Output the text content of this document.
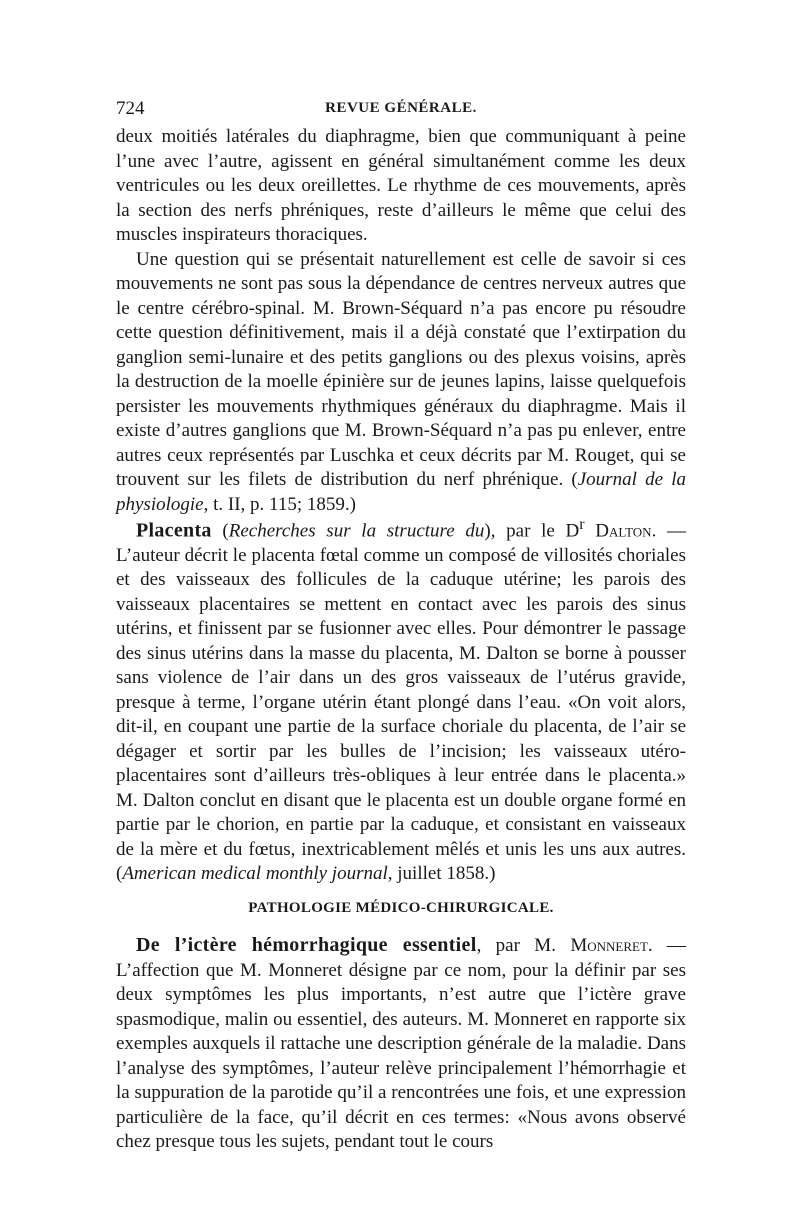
724	REVUE GÉNÉRALE.

deux moitiés latérales du diaphragme, bien que communiquant à peine l’une avec l’autre, agissent en général simultanément comme les deux ventricules ou les deux oreillettes. Le rhythme de ces mouvements, après la section des nerfs phréniques, reste d’ailleurs le même que celui des muscles inspirateurs thoraciques.

Une question qui se présentait naturellement est celle de savoir si ces mouvements ne sont pas sous la dépendance de centres nerveux autres que le centre cérébro-spinal. M. Brown-Séquard n’a pas encore pu résoudre cette question définitivement, mais il a déjà constaté que l’extirpation du ganglion semi-lunaire et des petits ganglions ou des plexus voisins, après la destruction de la moelle épinière sur de jeunes lapins, laisse quelquefois persister les mouvements rhythmiques généraux du diaphragme. Mais il existe d’autres ganglions que M. Brown-Séquard n’a pas pu enlever, entre autres ceux représentés par Luschka et ceux décrits par M. Rouget, qui se trouvent sur les filets de distribution du nerf phrénique. (Journal de la physiologie, t. II, p. 115; 1859.)

Placenta (Recherches sur la structure du), par le $D^r$ Dalton. — L’auteur décrit le placenta fœtal comme un composé de villosités choriales et des vaisseaux des follicules de la caduque utérine; les parois des vaisseaux placentaires se mettent en contact avec les parois des sinus utérins, et finissent par se fusionner avec elles. Pour démontrer le passage des sinus utérins dans la masse du placenta, M. Dalton se borne à pousser sans violence de l’air dans un des gros vaisseaux de l’utérus gravide, presque à terme, l’organe utérin étant plongé dans l’eau. «On voit alors, dit-il, en coupant une partie de la surface choriale du placenta, de l’air se dégager et sortir par les bulles de l’incision; les vaisseaux utéro-placentaires sont d’ailleurs très-obliques à leur entrée dans le placenta.» M. Dalton conclut en disant que le placenta est un double organe formé en partie par le chorion, en partie par la caduque, et consistant en vaisseaux de la mère et du fœtus, inextricablement mêlés et unis les uns aux autres. (American medical monthly journal, juillet 1858.)

PATHOLOGIE MÉDICO-CHIRURGICALE.

De l’ictère hémorrhagique essentiel, par M. Monneret. — L’affection que M. Monneret désigne par ce nom, pour la définir par ses deux symptômes les plus importants, n’est autre que l’ictère grave spasmodique, malin ou essentiel, des auteurs. M. Monneret en rapporte six exemples auxquels il rattache une description générale de la maladie. Dans l’analyse des symptômes, l’auteur relève principalement l’hémorrhagie et la suppuration de la parotide qu’il a rencontrées une fois, et une expression particulière de la face, qu’il décrit en ces termes: «Nous avons observé chez presque tous les sujets, pendant tout le cours
